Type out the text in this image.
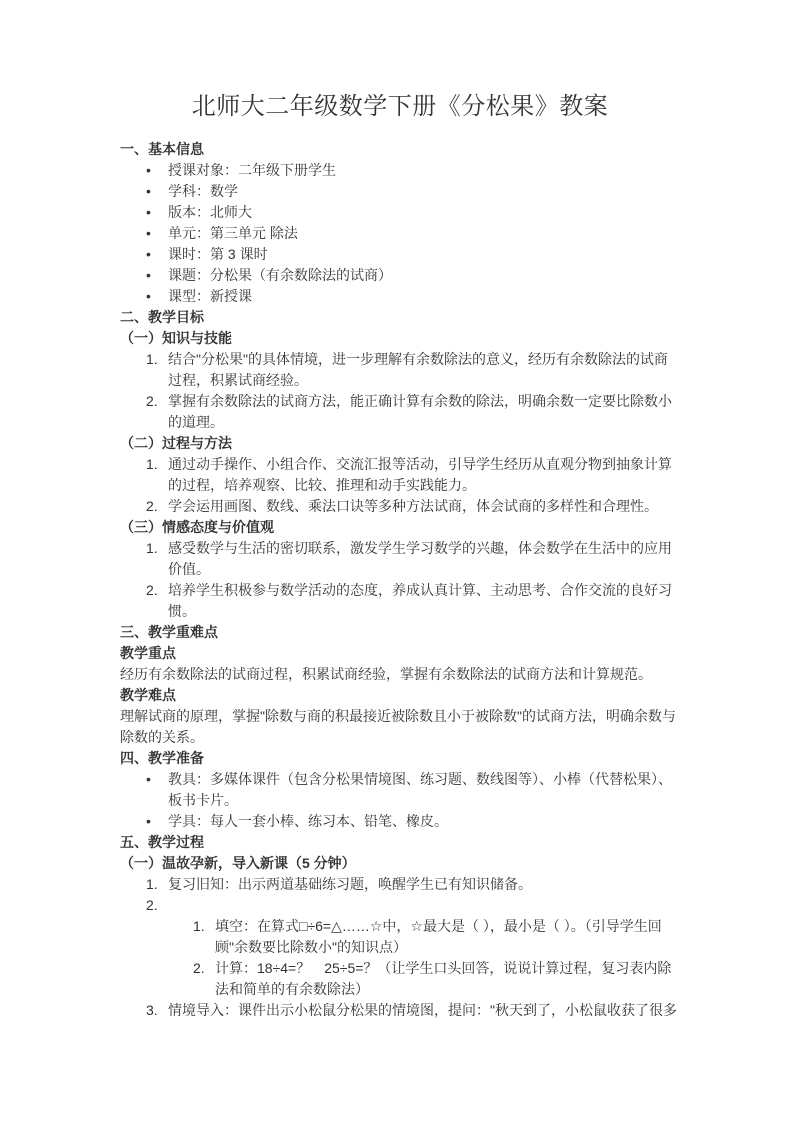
北师大二年级数学下册《分松果》教案
一、基本信息
•	授课对象：二年级下册学生
•	学科：数学
•	版本：北师大
•	单元：第三单元 除法
•	课时：第 3 课时
•	课题：分松果（有余数除法的试商）
•	课型：新授课
二、教学目标
（一）知识与技能
1. 结合"分松果"的具体情境，进一步理解有余数除法的意义，经历有余数除法的试商过程，积累试商经验。
2. 掌握有余数除法的试商方法，能正确计算有余数的除法，明确余数一定要比除数小的道理。
（二）过程与方法
1. 通过动手操作、小组合作、交流汇报等活动，引导学生经历从直观分物到抽象计算的过程，培养观察、比较、推理和动手实践能力。
2. 学会运用画图、数线、乘法口诀等多种方法试商，体会试商的多样性和合理性。
（三）情感态度与价值观
1. 感受数学与生活的密切联系，激发学生学习数学的兴趣，体会数学在生活中的应用价值。
2. 培养学生积极参与数学活动的态度，养成认真计算、主动思考、合作交流的良好习惯。
三、教学重难点
教学重点
经历有余数除法的试商过程，积累试商经验，掌握有余数除法的试商方法和计算规范。
教学难点
理解试商的原理，掌握"除数与商的积最接近被除数且小于被除数"的试商方法，明确余数与除数的关系。
四、教学准备
•	教具：多媒体课件（包含分松果情境图、练习题、数线图等）、小棒（代替松果）、板书卡片。
•	学具：每人一套小棒、练习本、铅笔、橡皮。
五、教学过程
（一）温故孕新，导入新课（5 分钟）
1. 复习旧知：出示两道基础练习题，唤醒学生已有知识储备。
2.
1. 填空：在算式□÷6=△……☆中，☆最大是（ ），最小是（ ）。（引导学生回顾"余数要比除数小"的知识点）
2. 计算：18÷4=？　25÷5=？（让学生口头回答，说说计算过程，复习表内除法和简单的有余数除法）
3. 情境导入：课件出示小松鼠分松果的情境图，提问："秋天到了，小松鼠收获了很多
